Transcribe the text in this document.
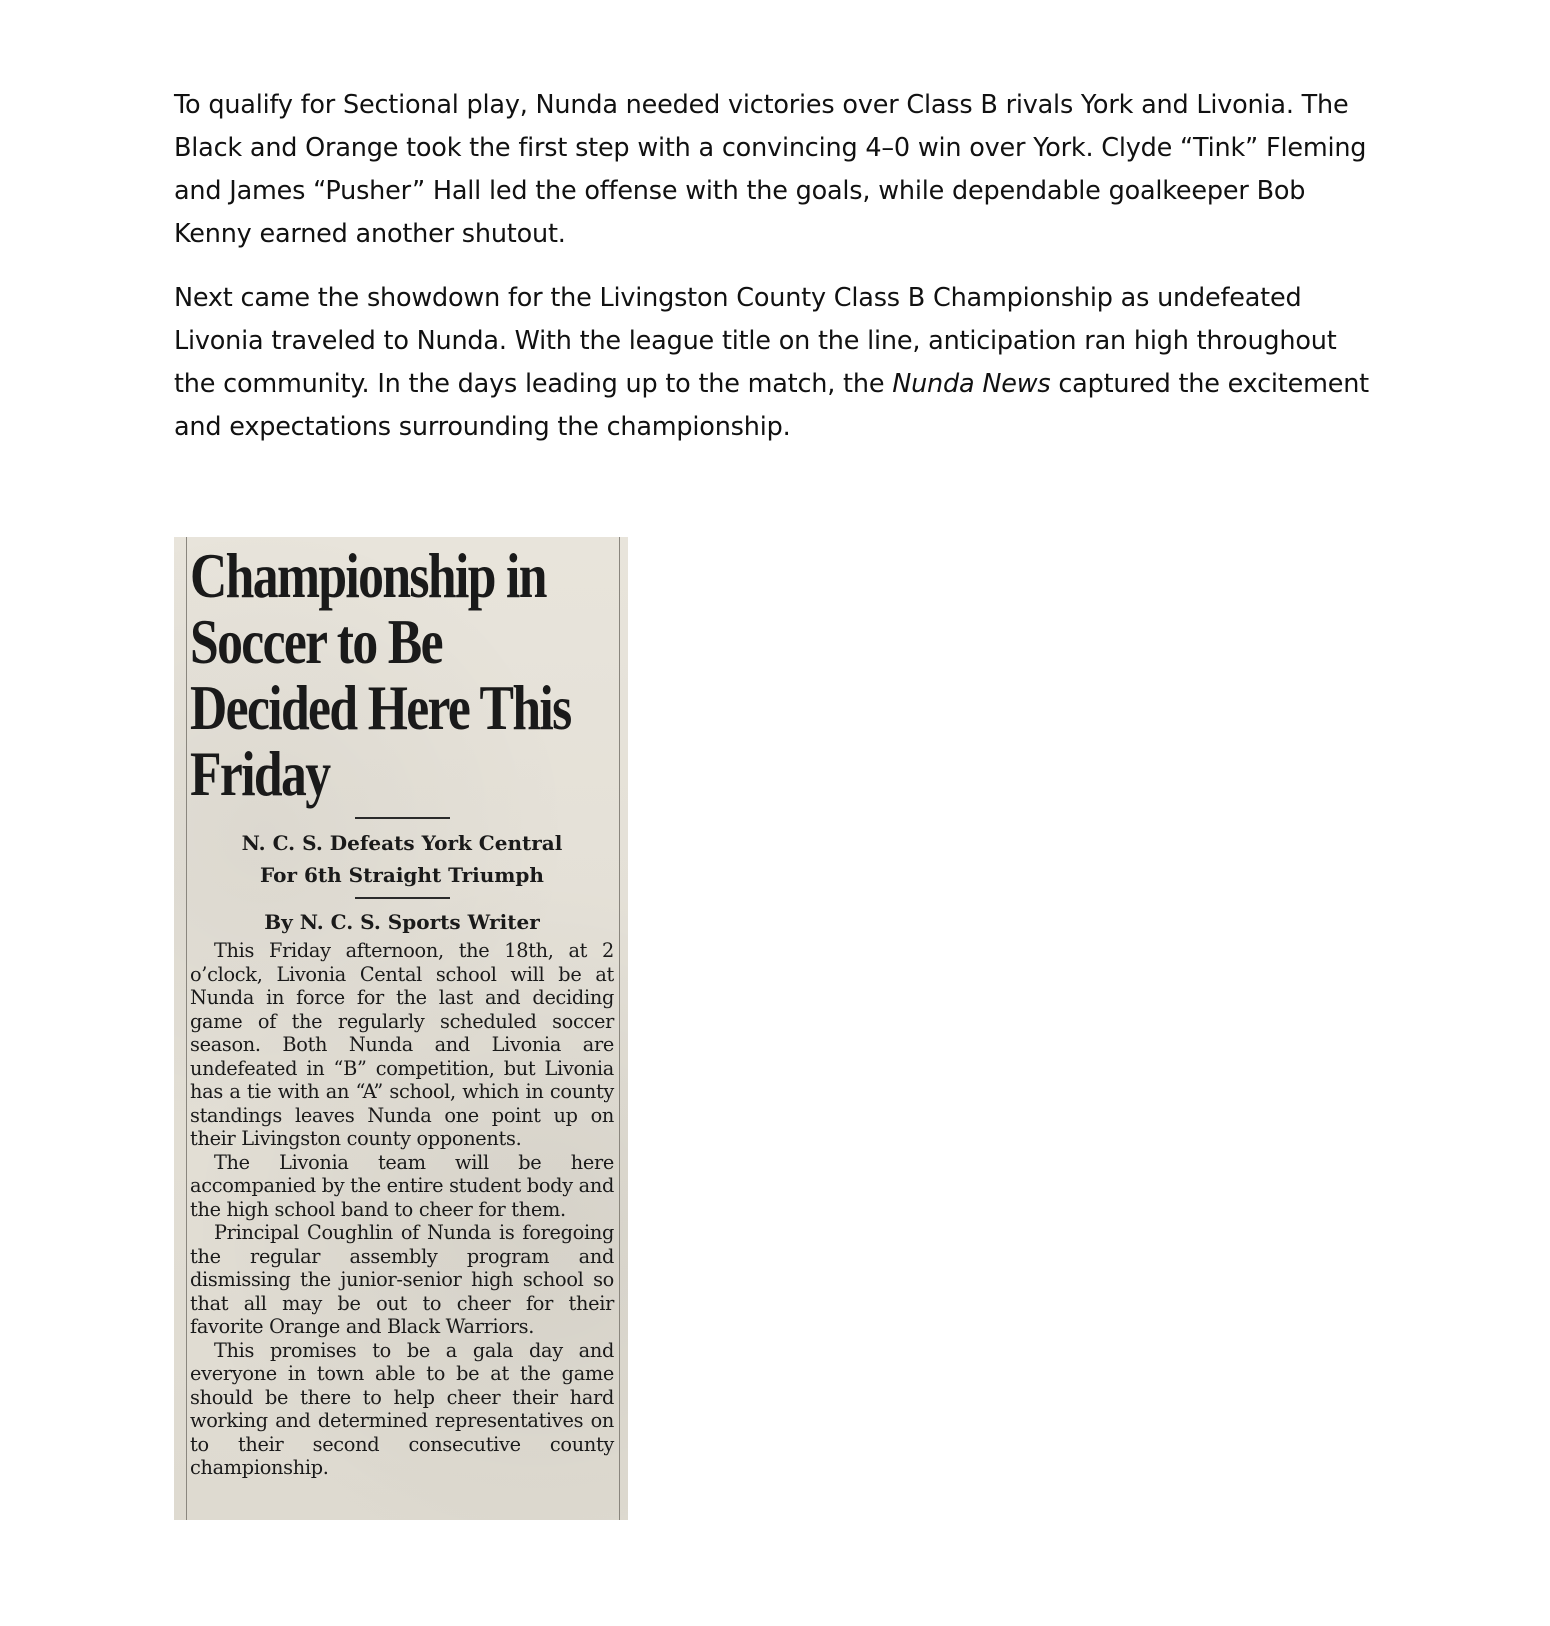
To qualify for Sectional play, Nunda needed victories over Class B rivals York and Livonia. The Black and Orange took the first step with a convincing 4–0 win over York. Clyde “Tink” Fleming and James “Pusher” Hall led the offense with the goals, while dependable goalkeeper Bob Kenny earned another shutout.

Next came the showdown for the Livingston County Class B Championship as undefeated Livonia traveled to Nunda. With the league title on the line, anticipation ran high throughout the community. In the days leading up to the match, the Nunda News captured the excitement and expectations surrounding the championship.

Championship in Soccer to Be Decided Here This Friday

N. C. S. Defeats York Central

For 6th Straight Triumph

By N. C. S. Sports Writer

This Friday afternoon, the 18th, at 2 o’clock, Livonia Cental school will be at Nunda in force for the last and deciding game of the regularly scheduled soccer season. Both Nunda and Livonia are undefeated in “B” competition, but Livonia has a tie with an “A” school, which in county standings leaves Nunda one point up on their Livingston county opponents.

The Livonia team will be here accompanied by the entire student body and the high school band to cheer for them.

Principal Coughlin of Nunda is foregoing the regular assembly program and dismissing the junior-senior high school so that all may be out to cheer for their favorite Orange and Black Warriors.

This promises to be a gala day and everyone in town able to be at the game should be there to help cheer their hard working and determined representatives on to their second consecutive county championship.
